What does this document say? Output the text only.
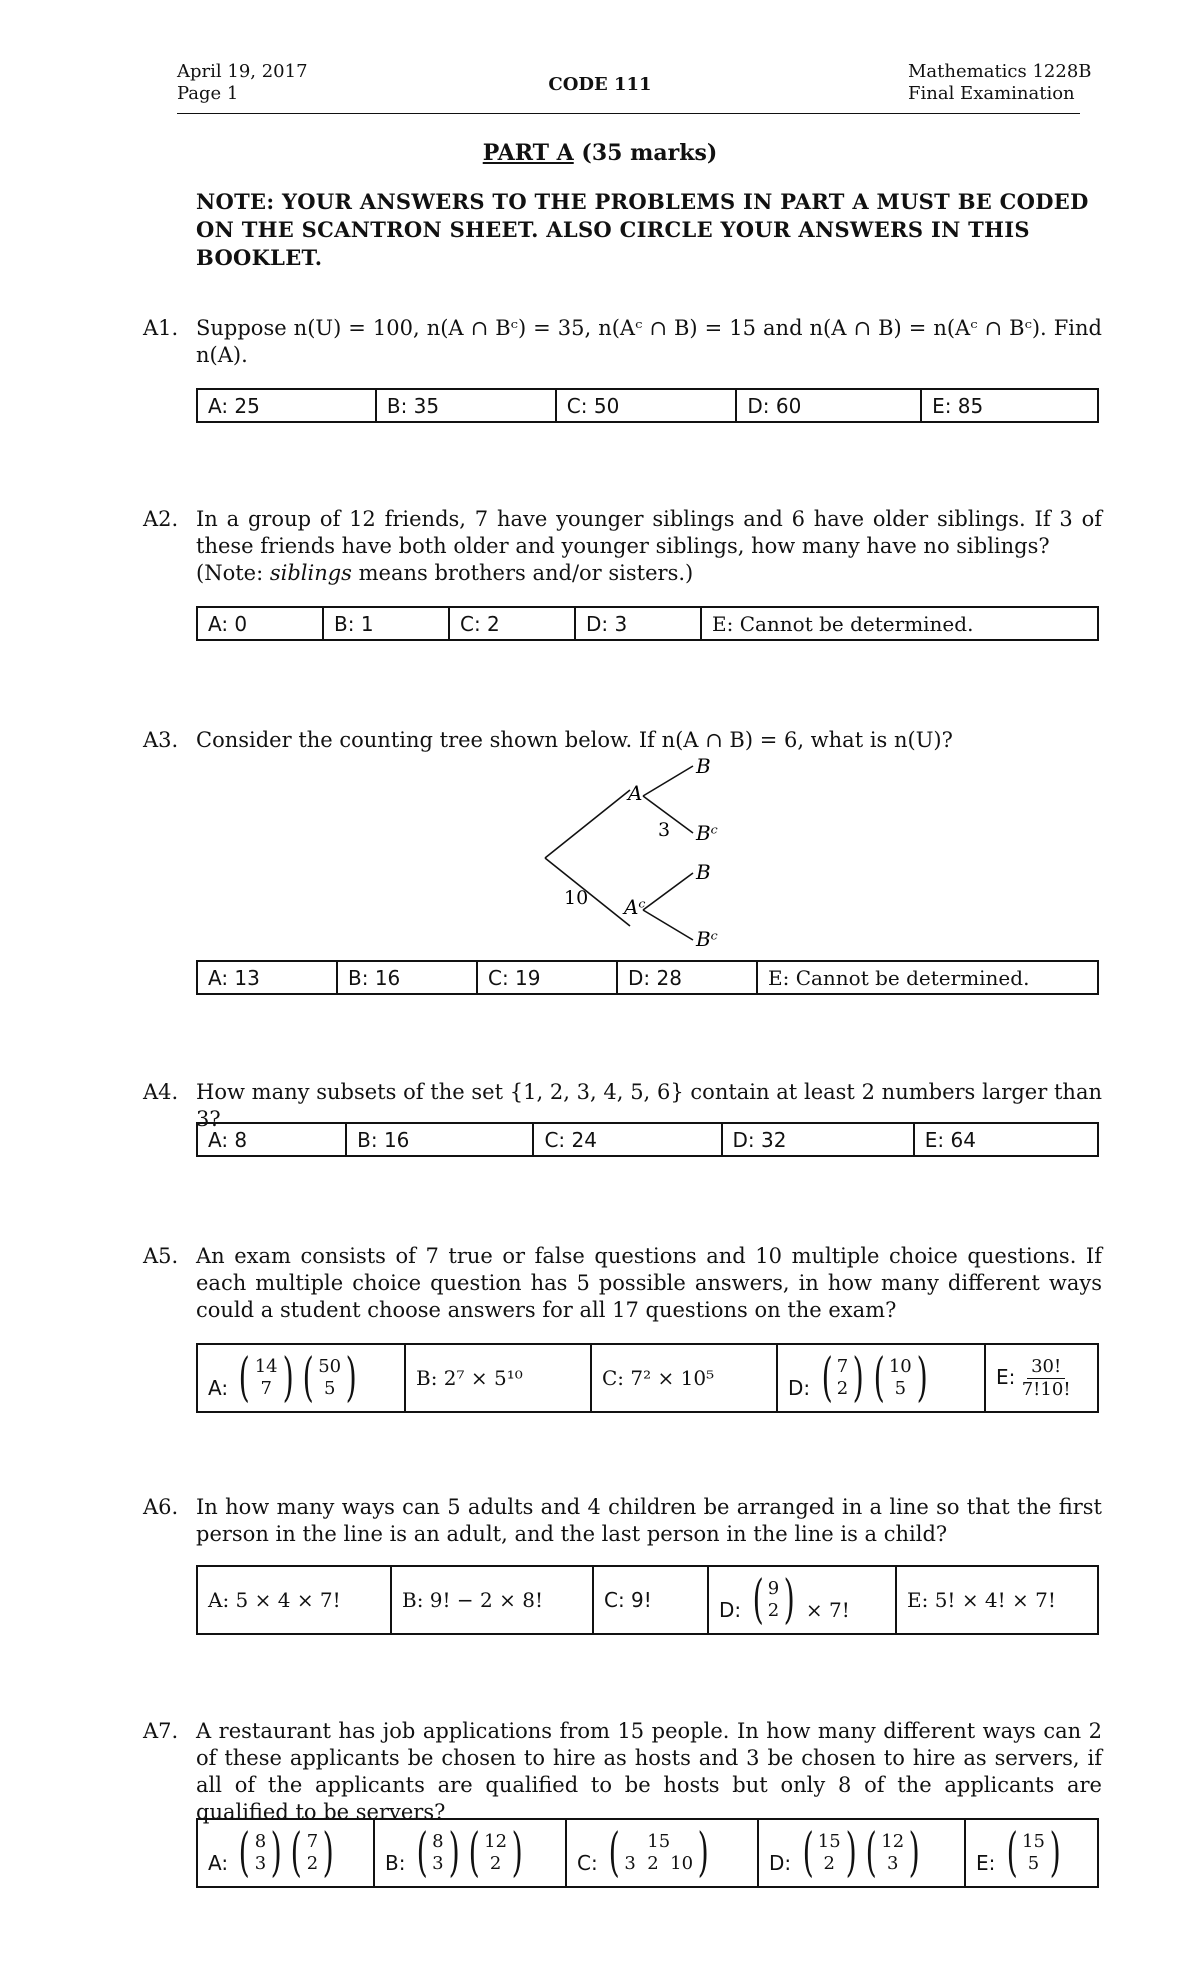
April 19, 2017
Page 1	CODE 111
Mathematics 1228B
Final Examination
PART A (35 marks)
NOTE: YOUR ANSWERS TO THE PROBLEMS IN PART A MUST BE CODED ON THE SCANTRON SHEET. ALSO CIRCLE YOUR ANSWERS IN THIS BOOKLET.
A1. Suppose n(U) = 100, n(A ∩ Bᶜ) = 35, n(Aᶜ ∩ B) = 15 and n(A ∩ B) = n(Aᶜ ∩ Bᶜ). Find n(A).
A: 25	B: 35	C: 50	D: 60	E: 85
A2. In a group of 12 friends, 7 have younger siblings and 6 have older siblings. If 3 of these friends have both older and younger siblings, how many have no siblings?
(Note: siblings means brothers and/or sisters.)
A: 0	B: 1	C: 2	D: 3	E: Cannot be determined.
A3. Consider the counting tree shown below. If n(A ∩ B) = 6, what is n(U)?
A
Aᶜ
B
Bᶜ
B
Bᶜ
3
10
A: 13	B: 16	C: 19	D: 28	E: Cannot be determined.
A4. How many subsets of the set {1, 2, 3, 4, 5, 6} contain at least 2 numbers larger than 3?
A: 8	B: 16	C: 24	D: 32	E: 64
A5. An exam consists of 7 true or false questions and 10 multiple choice questions. If each multiple choice question has 5 possible answers, in how many different ways could a student choose answers for all 17 questions on the exam?
A: ( 14
7 ) ( 50
5 )	B: 2⁷ × 5¹⁰	C: 7² × 10⁵	D: ( 7
2 ) ( 10
5 )	E: $\frac{30!}{7!10!}$
A6. In how many ways can 5 adults and 4 children be arranged in a line so that the first person in the line is an adult, and the last person in the line is a child?
A: 5 × 4 × 7!	B: 9! − 2 × 8!	C: 9!	D: ( 9
2 ) × 7!	E: 5! × 4! × 7!
A7. A restaurant has job applications from 15 people. In how many different ways can 2 of these applicants be chosen to hire as hosts and 3 be chosen to hire as servers, if all of the applicants are qualified to be hosts but only 8 of the applicants are qualified to be servers?
A: ( 8
3 ) ( 7
2 )	B: ( 8
3 ) ( 12
2 )	C: ( 15
3  2  10 )	D: ( 15
2 ) ( 12
3 )	E: ( 15
5 )
